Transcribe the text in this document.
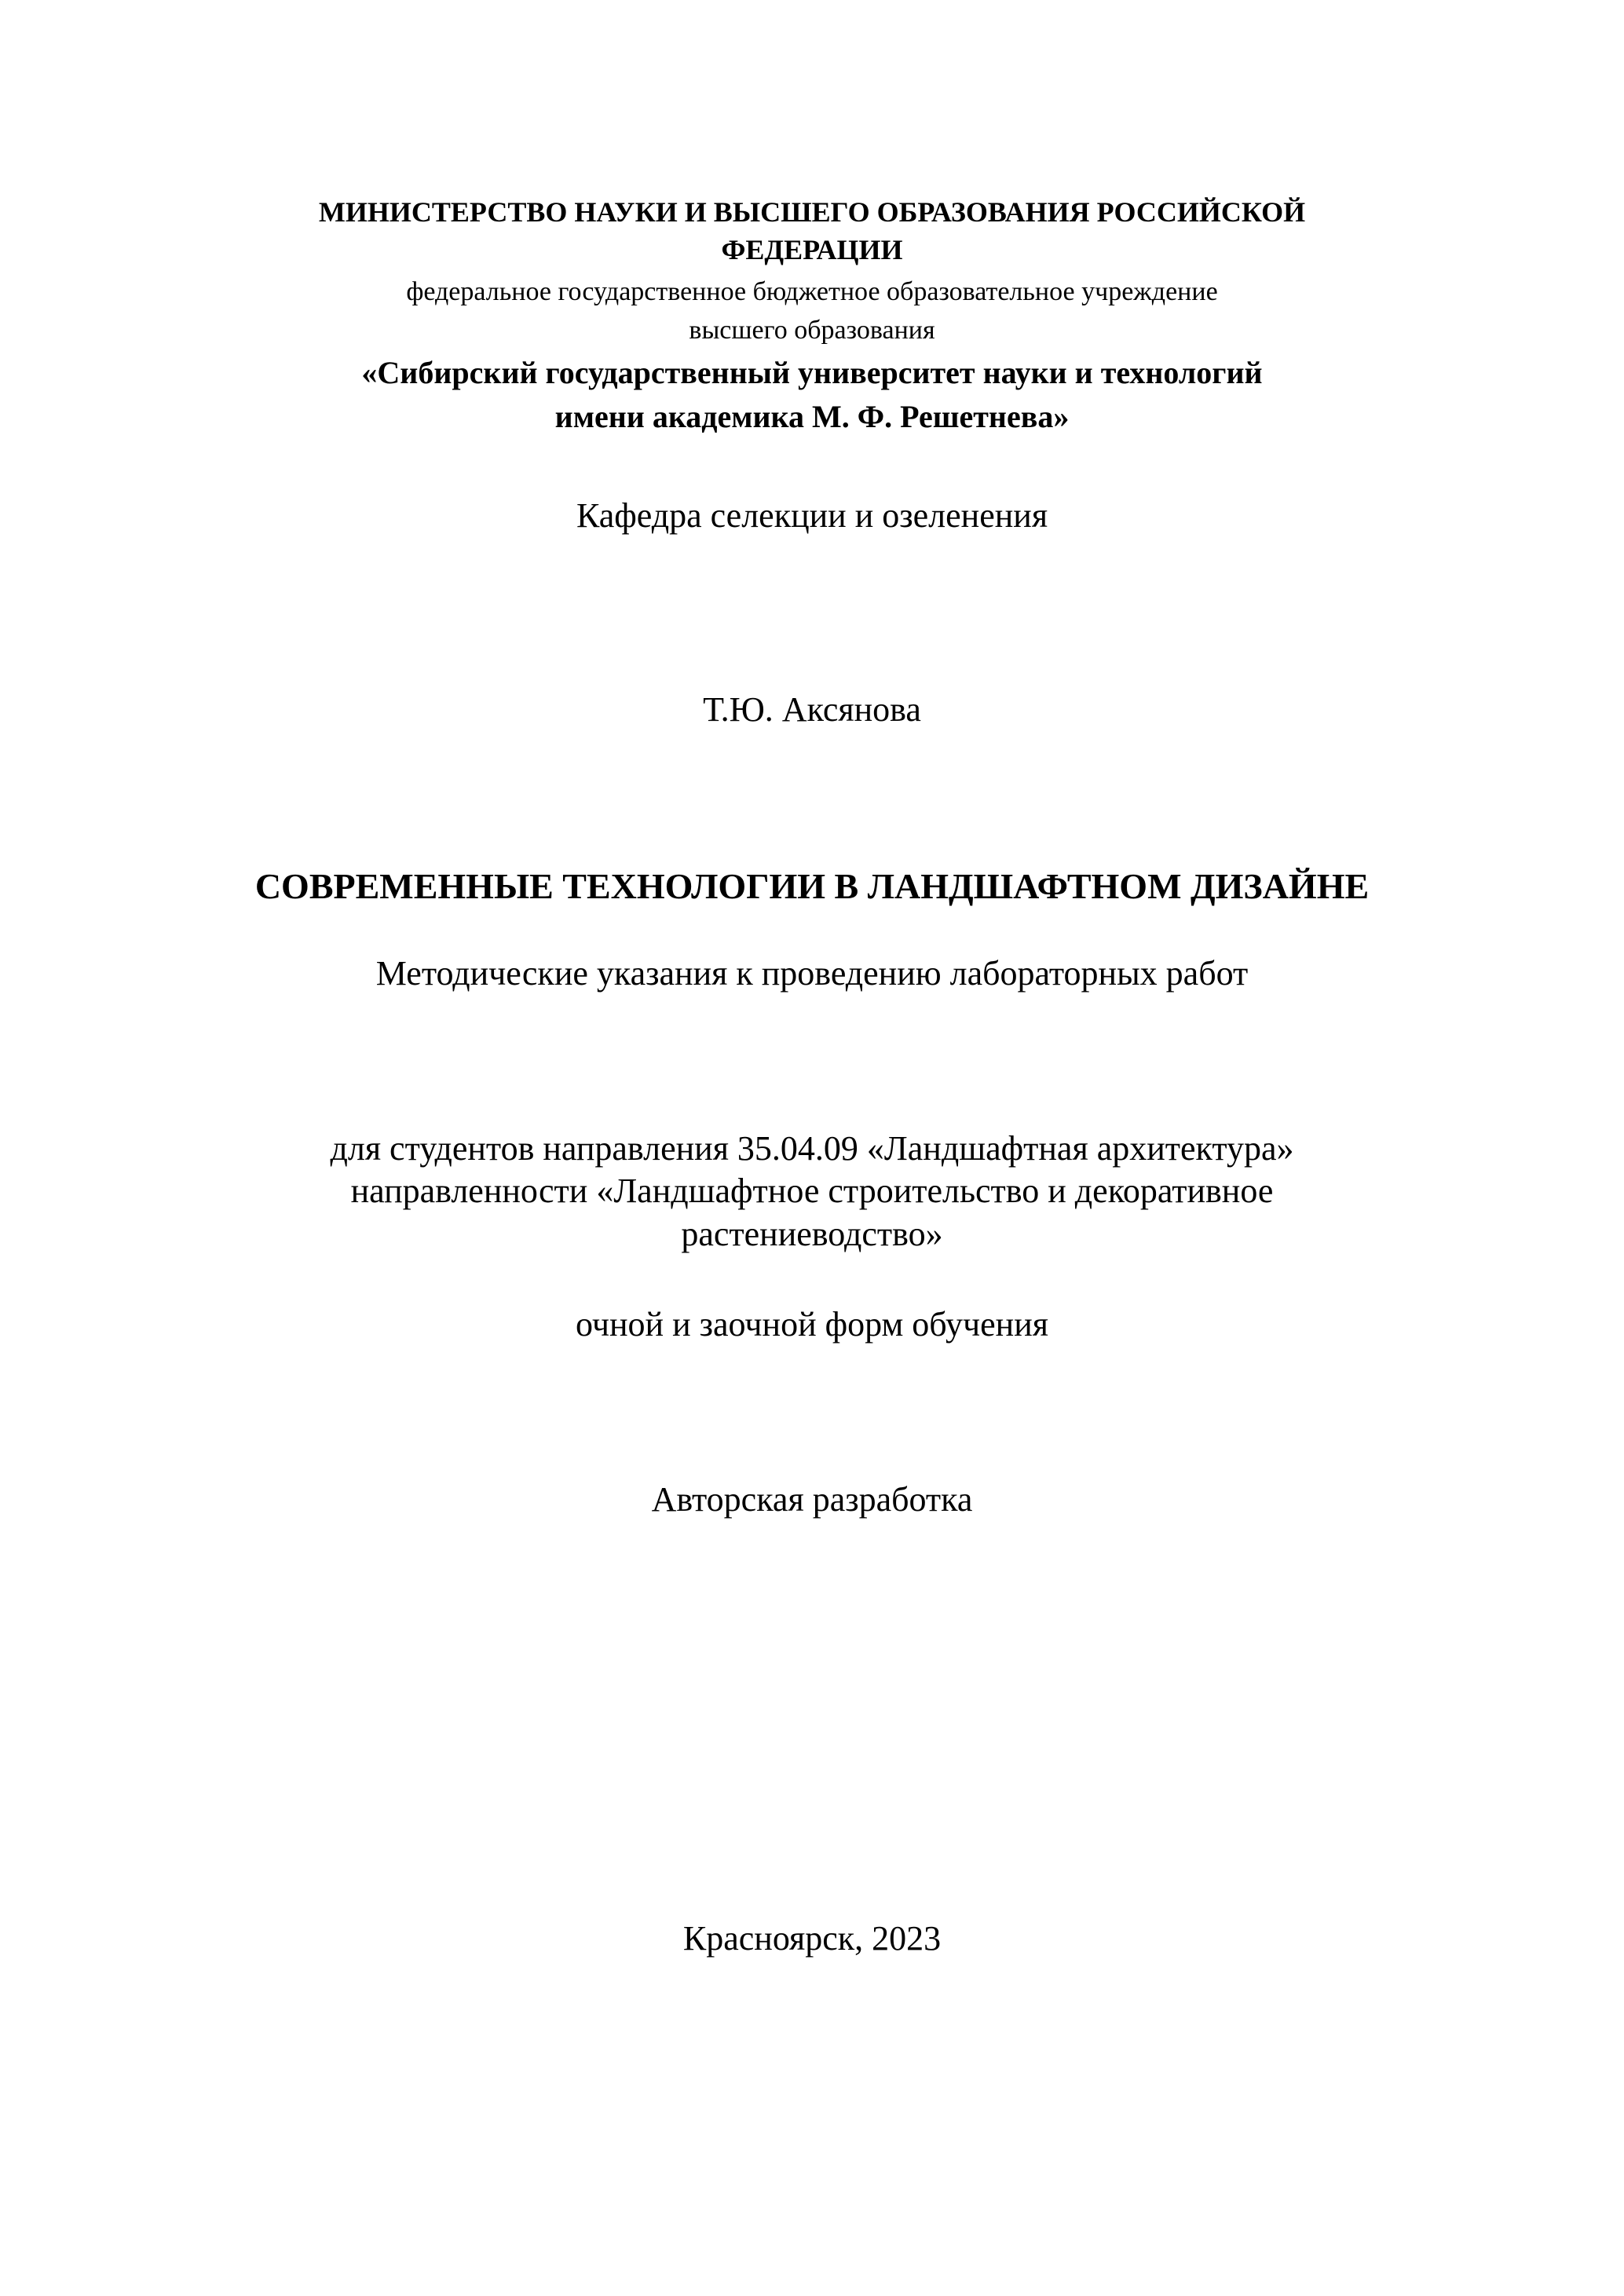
МИНИСТЕРСТВО НАУКИ И ВЫСШЕГО ОБРАЗОВАНИЯ РОССИЙСКОЙ
ФЕДЕРАЦИИ
федеральное государственное бюджетное образовательное учреждение
высшего образования
«Сибирский государственный университет науки и технологий
имени академика М. Ф. Решетнева»
Кафедра селекции и озеленения
Т.Ю. Аксянова
СОВРЕМЕННЫЕ ТЕХНОЛОГИИ В ЛАНДШАФТНОМ ДИЗАЙНЕ
Методические указания к проведению лабораторных работ
для студентов направления 35.04.09 «Ландшафтная архитектура»
направленности «Ландшафтное строительство и декоративное
растениеводство»
очной и заочной форм обучения
Авторская разработка
Красноярск, 2023
